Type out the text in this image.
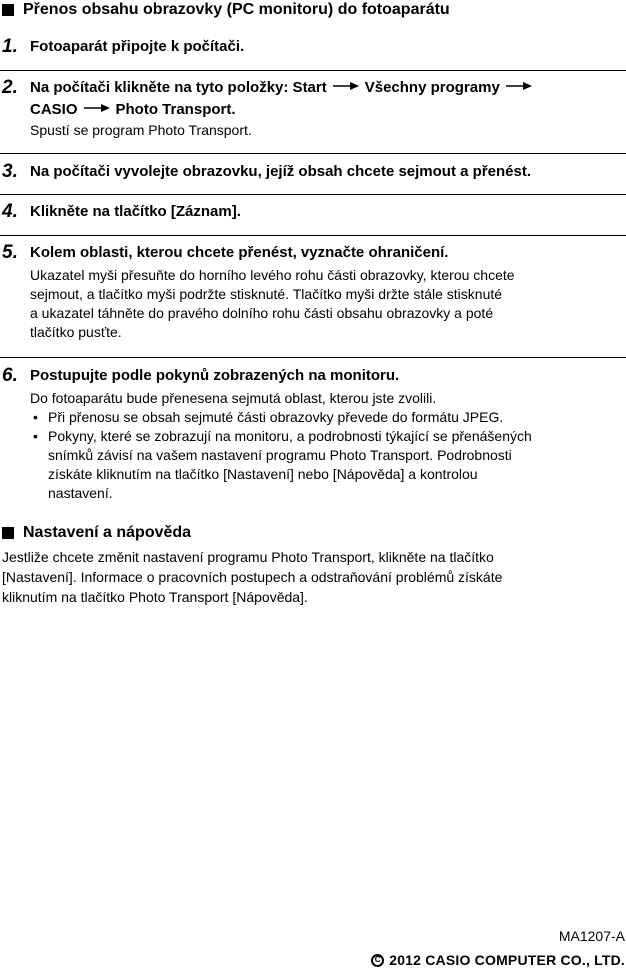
Přenos obsahu obrazovky (PC monitoru) do fotoaparátu
1. Fotoaparát připojte k počítači.
2. Na počítači klikněte na tyto položky: Start	Všechny programy

CASIO	Photo Transport.
Spustí se program Photo Transport.
3. Na počítači vyvolejte obrazovku, jejíž obsah chcete sejmout a přenést.
4. Klikněte na tlačítko [Záznam].
5. Kolem oblasti, kterou chcete přenést, vyznačte ohraničení.
Ukazatel myši přesuňte do horního levého rohu části obrazovky, kterou chcete
sejmout, a tlačítko myši podržte stisknuté. Tlačítko myši držte stále stisknuté
a ukazatel táhněte do pravého dolního rohu části obsahu obrazovky a poté
tlačítko pusťte.
6. Postupujte podle pokynů zobrazených na monitoru.
Do fotoaparátu bude přenesena sejmutá oblast, kterou jste zvolili.
• Při přenosu se obsah sejmuté části obrazovky převede do formátu JPEG.
• Pokyny, které se zobrazují na monitoru, a podrobnosti týkající se přenášených
snímků závisí na vašem nastavení programu Photo Transport. Podrobnosti
získáte kliknutím na tlačítko [Nastavení] nebo [Nápověda] a kontrolou
nastavení.
Nastavení a nápověda
Jestliže chcete změnit nastavení programu Photo Transport, klikněte na tlačítko
[Nastavení]. Informace o pracovních postupech a odstraňování problémů získáte
kliknutím na tlačítko Photo Transport [Nápověda].
MA1207-A
C 2012 CASIO COMPUTER CO., LTD.
